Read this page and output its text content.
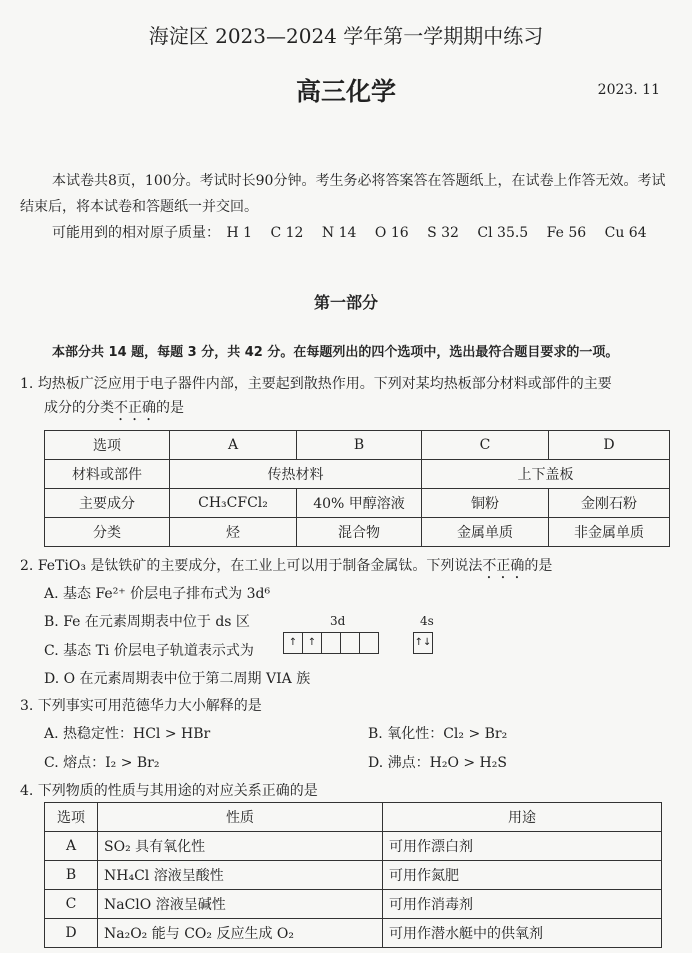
海淀区 2023—2024 学年第一学期期中练习
高三化学	2023. 11

本试卷共8页，100分。考试时长90分钟。考生务必将答案答在答题纸上，在试卷上作答无效。考试结束后，将本试卷和答题纸一并交回。

可能用到的相对原子质量： H 1 C 12 N 14 O 16 S 32 Cl 35.5 Fe 56 Cu 64
第一部分
本部分共 14 题，每题 3 分，共 42 分。在每题列出的四个选项中，选出最符合题目要求的一项。

1. 均热板广泛应用于电子器件内部，主要起到散热作用。下列对某均热板部分材料或部件的主要

成分的分类不正确的是

选项	A	B	C	D
材料或部件	传热材料		上下盖板	
主要成分	CH₃CFCl₂	40% 甲醇溶液	铜粉	金刚石粉
分类	烃	混合物	金属单质	非金属单质

2. FeTiO₃ 是钛铁矿的主要成分，在工业上可以用于制备金属钛。下列说法不正确的是

A. 基态 Fe²⁺ 价层电子排布式为 3d⁶
B. Fe 在元素周期表中位于 ds 区
C. 基态 Ti 价层电子轨道表示式为
3d	4s
↑	↑	↑↓
D. O 在元素周期表中位于第二周期 VIA 族

3. 下列事实可用范德华力大小解释的是

A. 热稳定性：HCl > HBr	B. 氧化性：Cl₂ > Br₂
C. 熔点：I₂ > Br₂	D. 沸点：H₂O > H₂S

4. 下列物质的性质与其用途的对应关系正确的是

选项	性质	用途
A	SO₂ 具有氧化性	可用作漂白剂
B	NH₄Cl 溶液呈酸性	可用作氮肥
C	NaClO 溶液呈碱性	可用作消毒剂
D	Na₂O₂ 能与 CO₂ 反应生成 O₂	可用作潜水艇中的供氧剂
